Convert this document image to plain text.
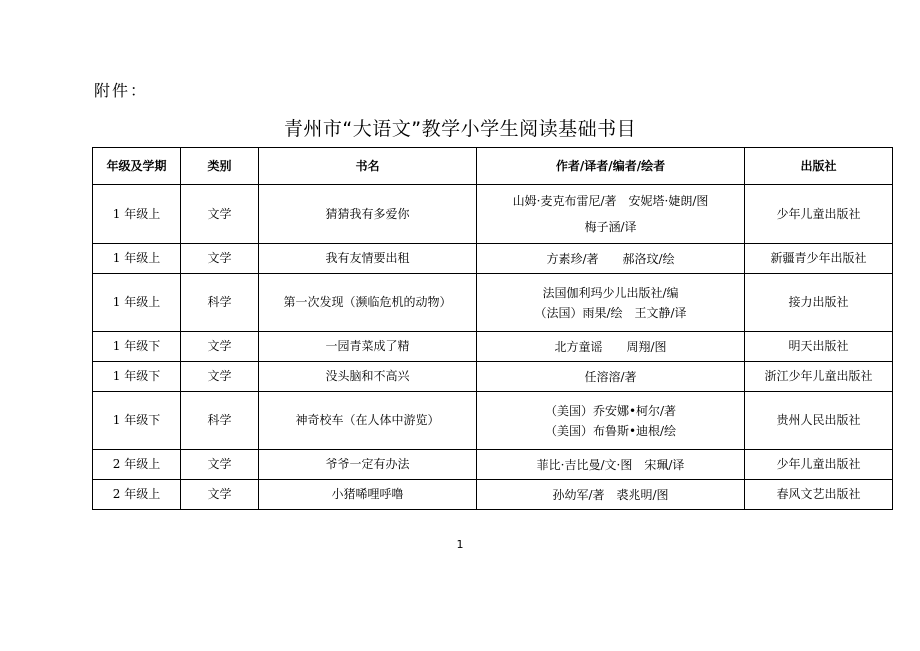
附件：
青州市“大语文”教学小学生阅读基础书目
年级及学期	类别	书名	作者/译者/编者/绘者	出版社
1 年级上	文学	猜猜我有多爱你	山姆·麦克布雷尼/著　安妮塔·婕朗/图
梅子涵/译	少年儿童出版社
1 年级上	文学	我有友情要出租	方素珍/著　　郝洛玟/绘	新疆青少年出版社
1 年级上	科学	第一次发现（濒临危机的动物）	法国伽利玛少儿出版社/编
（法国）雨果/绘　王文静/译	接力出版社
1 年级下	文学	一园青菜成了精	北方童谣　　周翔/图	明天出版社
1 年级下	文学	没头脑和不高兴	任溶溶/著	浙江少年儿童出版社
1 年级下	科学	神奇校车（在人体中游览）	（美国）乔安娜•柯尔/著
（美国）布鲁斯•迪根/绘	贵州人民出版社
2 年级上	文学	爷爷一定有办法	菲比·吉比曼/文·图　宋珮/译	少年儿童出版社
2 年级上	文学	小猪唏哩呼噜	孙幼军/著　裘兆明/图	春风文艺出版社
1
